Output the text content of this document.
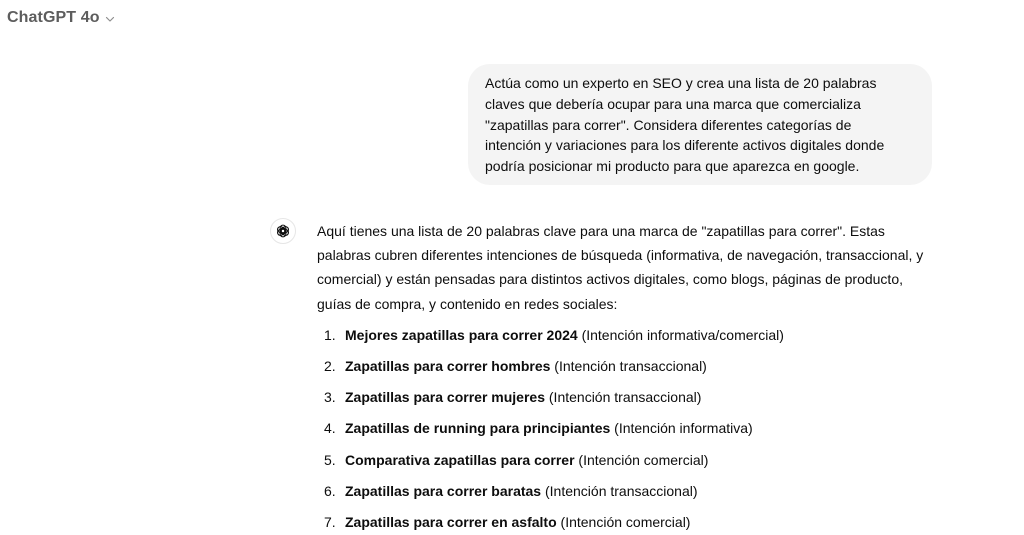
ChatGPT 4o
Actúa como un experto en SEO y crea una lista de 20 palabras
claves que debería ocupar para una marca que comercializa
"zapatillas para correr". Considera diferentes categorías de
intención y variaciones para los diferente activos digitales donde
podría posicionar mi producto para que aparezca en google.

Aquí tienes una lista de 20 palabras clave para una marca de "zapatillas para correr". Estas
palabras cubren diferentes intenciones de búsqueda (informativa, de navegación, transaccional, y
comercial) y están pensadas para distintos activos digitales, como blogs, páginas de producto,
guías de compra, y contenido en redes sociales:

1. Mejores zapatillas para correr 2024 (Intención informativa/comercial)
2. Zapatillas para correr hombres (Intención transaccional)
3. Zapatillas para correr mujeres (Intención transaccional)
4. Zapatillas de running para principiantes (Intención informativa)
5. Comparativa zapatillas para correr (Intención comercial)
6. Zapatillas para correr baratas (Intención transaccional)
7. Zapatillas para correr en asfalto (Intención comercial)
